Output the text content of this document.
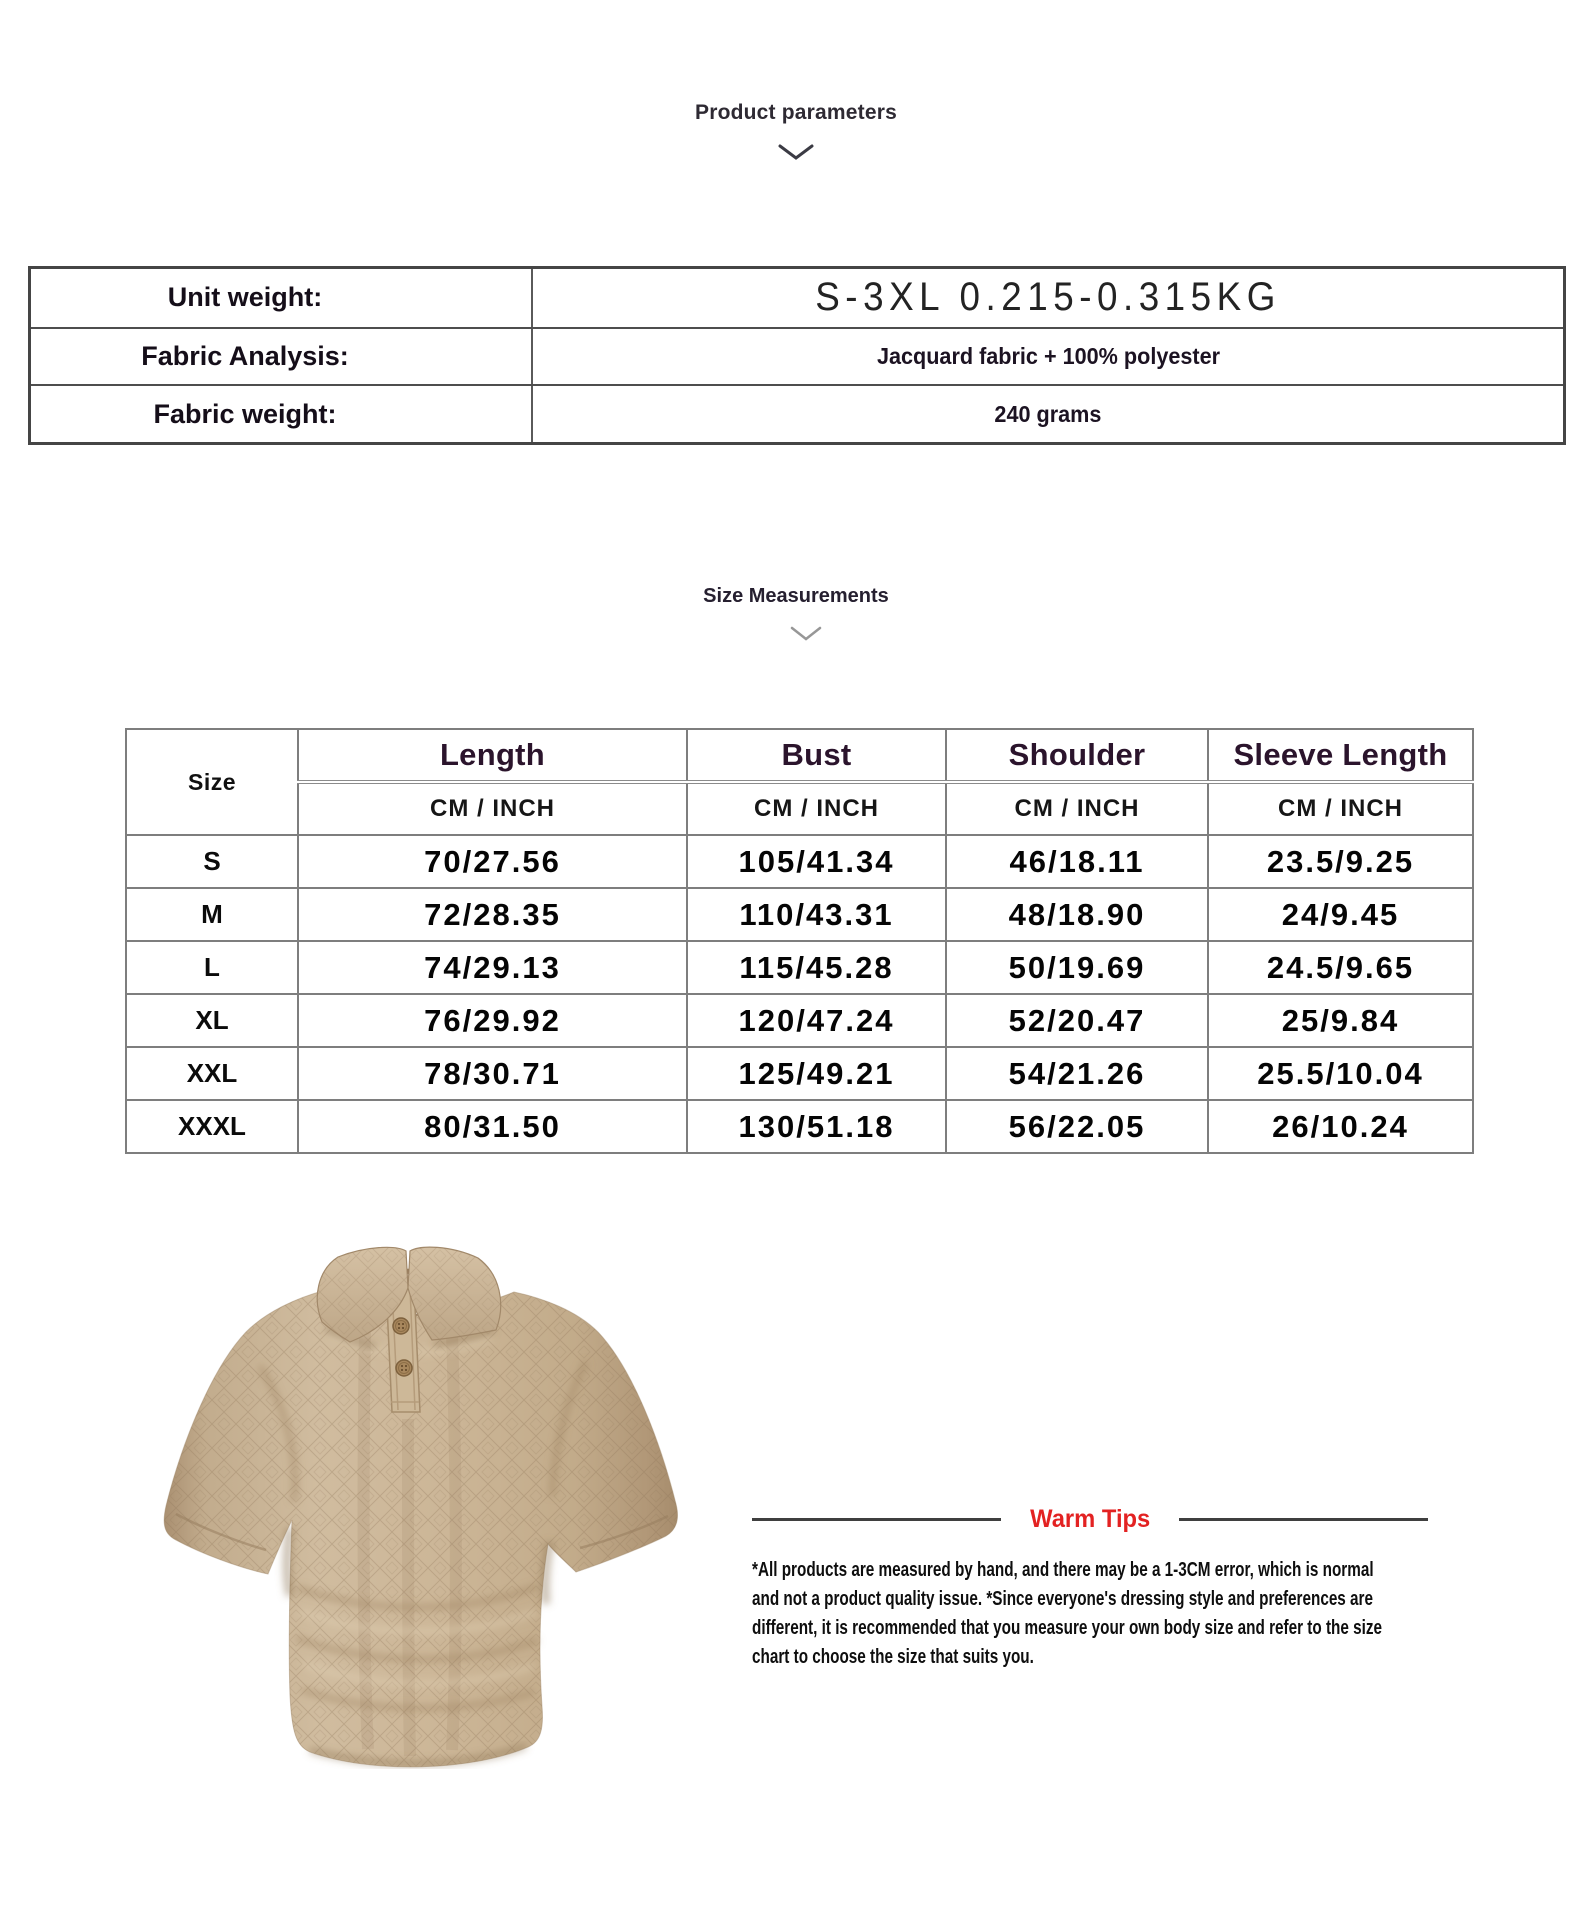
Product parameters
Unit weight:	S-3XL 0.215-0.315KG
Fabric Analysis:	Jacquard fabric + 100% polyester
Fabric weight:	240 grams
Size Measurements
Size	Length	Bust	Shoulder	Sleeve Length
	CM / INCH	CM / INCH	CM / INCH	CM / INCH
S	70/27.56	105/41.34	46/18.11	23.5/9.25
M	72/28.35	110/43.31	48/18.90	24/9.45
L	74/29.13	115/45.28	50/19.69	24.5/9.65
XL	76/29.92	120/47.24	52/20.47	25/9.84
XXL	78/30.71	125/49.21	54/21.26	25.5/10.04
XXXL	80/31.50	130/51.18	56/22.05	26/10.24
Warm Tips
*All products are measured by hand, and there may be a 1-3CM error, which is normal
and not a product quality issue. *Since everyone's dressing style and preferences are
different, it is recommended that you measure your own body size and refer to the size
chart to choose the size that suits you.
